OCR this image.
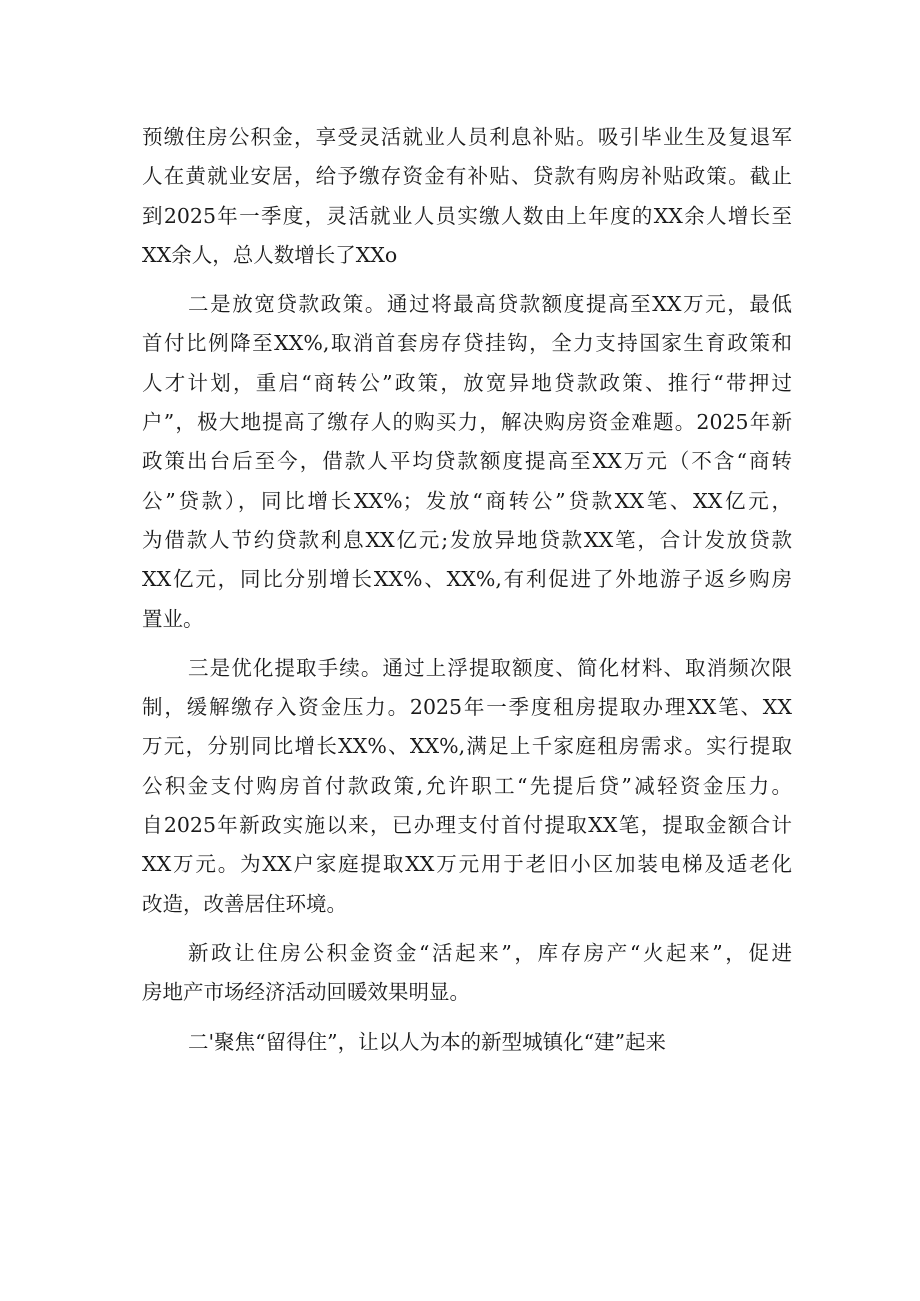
预缴住房公积金，享受灵活就业人员利息补贴。吸引毕业生及复退军
人在黄就业安居，给予缴存资金有补贴、贷款有购房补贴政策。截止
到2025年一季度，灵活就业人员实缴人数由上年度的XX余人增长至
XX余人，总人数增长了XXo
二是放宽贷款政策。通过将最高贷款额度提高至XX万元，最低
首付比例降至XX%,取消首套房存贷挂钩，全力支持国家生育政策和
人才计划，重启“商转公”政策，放宽异地贷款政策、推行“带押过
户”，极大地提高了缴存人的购买力，解决购房资金难题。2025年新
政策出台后至今，借款人平均贷款额度提高至XX万元（不含“商转
公”贷款），同比增长XX%；发放“商转公”贷款XX笔、XX亿元，
为借款人节约贷款利息XX亿元;发放异地贷款XX笔，合计发放贷款
XX亿元，同比分别增长XX%、XX%,有利促进了外地游子返乡购房
置业。
三是优化提取手续。通过上浮提取额度、简化材料、取消频次限
制，缓解缴存入资金压力。2025年一季度租房提取办理XX笔、XX
万元，分别同比增长XX%、XX%,满足上千家庭租房需求。实行提取
公积金支付购房首付款政策,允许职工“先提后贷”减轻资金压力。
自2025年新政实施以来，已办理支付首付提取XX笔，提取金额合计
XX万元。为XX户家庭提取XX万元用于老旧小区加装电梯及适老化
改造，改善居住环境。
新政让住房公积金资金“活起来”，库存房产“火起来”，促进
房地产市场经济活动回暖效果明显。
二'聚焦“留得住”，让以人为本的新型城镇化“建”起来
